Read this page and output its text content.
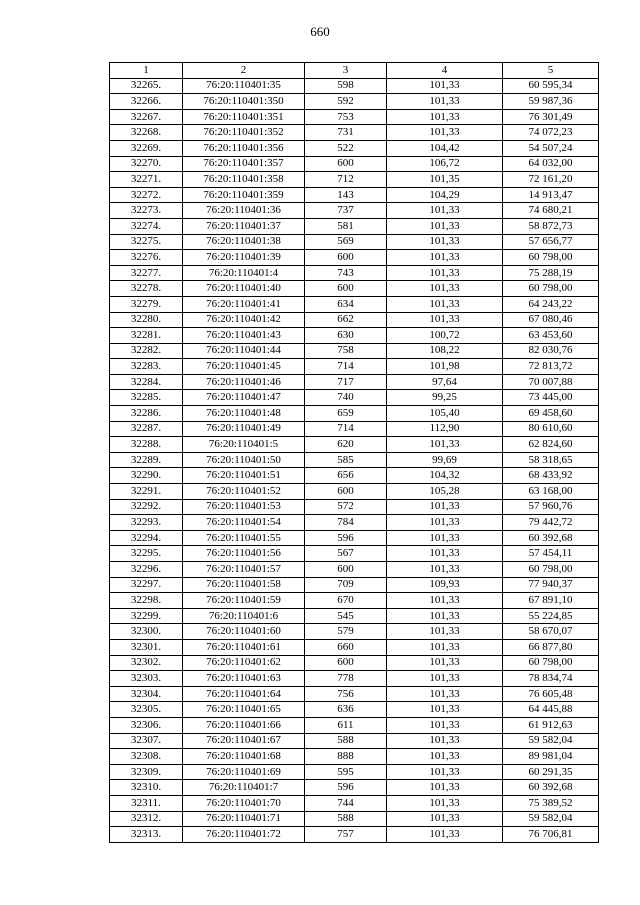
660
1	2	3	4	5
32265.	76:20:110401:35	598	101,33	60 595,34
32266.	76:20:110401:350	592	101,33	59 987,36
32267.	76:20:110401:351	753	101,33	76 301,49
32268.	76:20:110401:352	731	101,33	74 072,23
32269.	76:20:110401:356	522	104,42	54 507,24
32270.	76:20:110401:357	600	106,72	64 032,00
32271.	76:20:110401:358	712	101,35	72 161,20
32272.	76:20:110401:359	143	104,29	14 913,47
32273.	76:20:110401:36	737	101,33	74 680,21
32274.	76:20:110401:37	581	101,33	58 872,73
32275.	76:20:110401:38	569	101,33	57 656,77
32276.	76:20:110401:39	600	101,33	60 798,00
32277.	76:20:110401:4	743	101,33	75 288,19
32278.	76:20:110401:40	600	101,33	60 798,00
32279.	76:20:110401:41	634	101,33	64 243,22
32280.	76:20:110401:42	662	101,33	67 080,46
32281.	76:20:110401:43	630	100,72	63 453,60
32282.	76:20:110401:44	758	108,22	82 030,76
32283.	76:20:110401:45	714	101,98	72 813,72
32284.	76:20:110401:46	717	97,64	70 007,88
32285.	76:20:110401:47	740	99,25	73 445,00
32286.	76:20:110401:48	659	105,40	69 458,60
32287.	76:20:110401:49	714	112,90	80 610,60
32288.	76:20:110401:5	620	101,33	62 824,60
32289.	76:20:110401:50	585	99,69	58 318,65
32290.	76:20:110401:51	656	104,32	68 433,92
32291.	76:20:110401:52	600	105,28	63 168,00
32292.	76:20:110401:53	572	101,33	57 960,76
32293.	76:20:110401:54	784	101,33	79 442,72
32294.	76:20:110401:55	596	101,33	60 392,68
32295.	76:20:110401:56	567	101,33	57 454,11
32296.	76:20:110401:57	600	101,33	60 798,00
32297.	76:20:110401:58	709	109,93	77 940,37
32298.	76:20:110401:59	670	101,33	67 891,10
32299.	76:20:110401:6	545	101,33	55 224,85
32300.	76:20:110401:60	579	101,33	58 670,07
32301.	76:20:110401:61	660	101,33	66 877,80
32302.	76:20:110401:62	600	101,33	60 798,00
32303.	76:20:110401:63	778	101,33	78 834,74
32304.	76:20:110401:64	756	101,33	76 605,48
32305.	76:20:110401:65	636	101,33	64 445,88
32306.	76:20:110401:66	611	101,33	61 912,63
32307.	76:20:110401:67	588	101,33	59 582,04
32308.	76:20:110401:68	888	101,33	89 981,04
32309.	76:20:110401:69	595	101,33	60 291,35
32310.	76:20:110401:7	596	101,33	60 392,68
32311.	76:20:110401:70	744	101,33	75 389,52
32312.	76:20:110401:71	588	101,33	59 582,04
32313.	76:20:110401:72	757	101,33	76 706,81
